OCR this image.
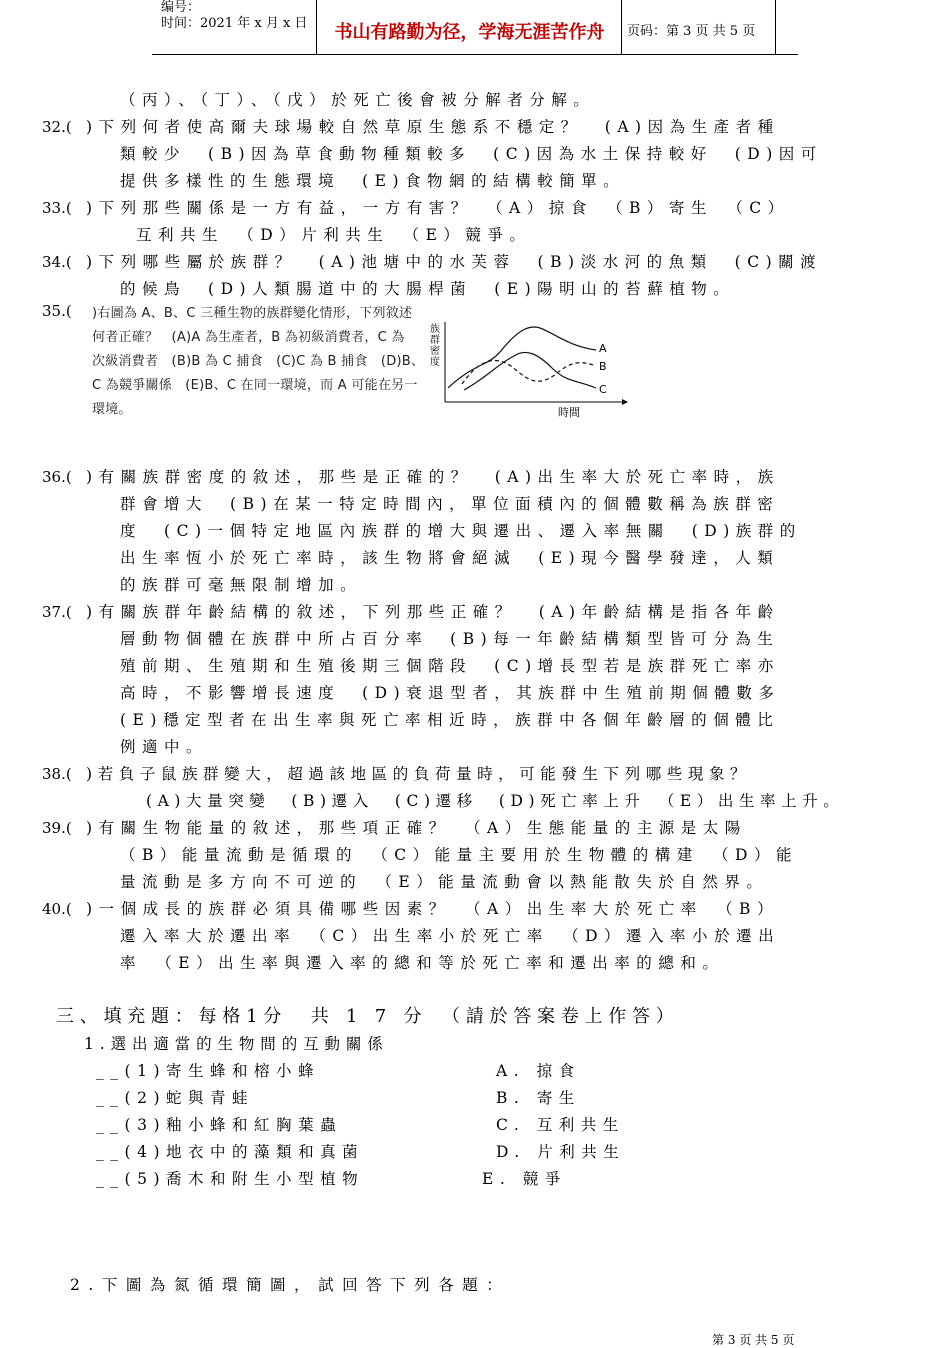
编号：
时间：2021 年 x 月 x 日	书山有路勤为径，学海无涯苦作舟	页码：第 3 页 共 5 页
（丙）、（丁）、（戊）於死亡後會被分解者分解。
32.( )下列何者使高爾夫球場較自然草原生態系不穩定？　(A)因為生產者種
類較少　(B)因為草食動物種類較多　(C)因為水土保持較好　(D)因可
提供多樣性的生態環境　(E)食物網的結構較簡單。
33.( )下列那些關係是一方有益，一方有害？　（A）掠食　（B）寄生　（C）
互利共生　（D）片利共生　（E）競爭。
34.( )下列哪些屬於族群？　(A)池塘中的水芙蓉　(B)淡水河的魚類　(C)關渡
的候鳥　(D)人類腸道中的大腸桿菌　(E)陽明山的苔蘚植物。
35.( )右圖為 A、B、C 三種生物的族群變化情形，下列敘述
何者正確？　(A)A 為生產者，B 為初級消費者，C 為
次級消費者　(B)B 為 C 捕食　(C)C 為 B 捕食　(D)B、
C 為競爭關係　(E)B、C 在同一環境，而 A 可能在另一
環境。
A
B
C
時間
族群密度
36.( )有關族群密度的敘述，那些是正確的？　(A)出生率大於死亡率時，族
群會增大　(B)在某一特定時間內，單位面積內的個體數稱為族群密
度　(C)一個特定地區內族群的增大與遷出、遷入率無關　(D)族群的
出生率恆小於死亡率時，該生物將會絕滅　(E)現今醫學發達，人類
的族群可毫無限制增加。
37.( )有關族群年齡結構的敘述，下列那些正確？　(A)年齡結構是指各年齡
層動物個體在族群中所占百分率　(B)每一年齡結構類型皆可分為生
殖前期、生殖期和生殖後期三個階段　(C)增長型若是族群死亡率亦
高時，不影響增長速度　(D)衰退型者，其族群中生殖前期個體數多
(E)穩定型者在出生率與死亡率相近時，族群中各個年齡層的個體比
例適中。
38.( )若負子鼠族群變大，超過該地區的負荷量時，可能發生下列哪些現象？
(A)大量突變　(B)遷入　(C)遷移　(D)死亡率上升　（E）出生率上升。
39.( )有關生物能量的敘述，那些項正確？　（A）生態能量的主源是太陽
（B）能量流動是循環的　（C）能量主要用於生物體的構建　（D）能
量流動是多方向不可逆的　（E）能量流動會以熱能散失於自然界。
40.( )一個成長的族群必須具備哪些因素？　（A）出生率大於死亡率　（B）
遷入率大於遷出率　（C）出生率小於死亡率　（D）遷入率小於遷出
率　（E）出生率與遷入率的總和等於死亡率和遷出率的總和。
三、填充題：每格1分　共 1 7 分　（請於答案卷上作答）
1.選出適當的生物間的互動關係
__(1)寄生蜂和榕小蜂
__(2)蛇與青蛙
__(3)釉小蜂和紅胸葉蟲
__(4)地衣中的藻類和真菌
__(5)喬木和附生小型植物
A. 掠食
B. 寄生
C. 互利共生
D. 片利共生
E. 競爭
2.下圖為氮循環簡圖，試回答下列各題：
第 3 页 共 5 页
